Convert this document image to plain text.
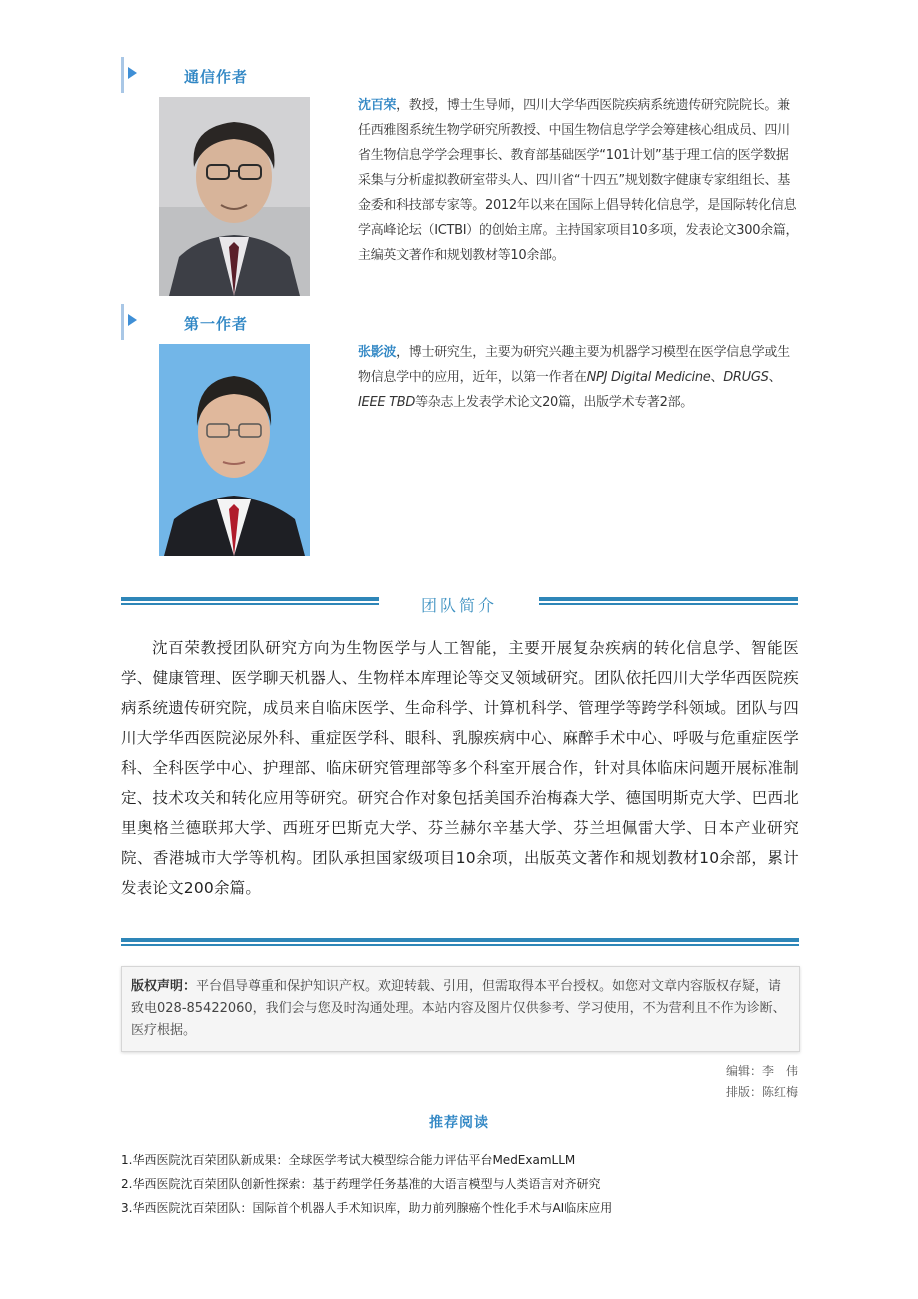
通信作者
沈百荣，教授，博士生导师，四川大学华西医院疾病系统遗传研究院院长。兼任西雅图系统生物学研究所教授、中国生物信息学学会筹建核心组成员、四川省生物信息学学会理事长、教育部基础医学“101计划”基于理工信的医学数据采集与分析虚拟教研室带头人、四川省“十四五”规划数字健康专家组组长、基金委和科技部专家等。2012年以来在国际上倡导转化信息学，是国际转化信息学高峰论坛（ICTBI）的创始主席。主持国家项目10多项，发表论文300余篇，主编英文著作和规划教材等10余部。
第一作者
张影波，博士研究生，主要为研究兴趣主要为机器学习模型在医学信息学或生物信息学中的应用，近年，以第一作者在NPJ Digital Medicine、DRUGS、IEEE TBD等杂志上发表学术论文20篇，出版学术专著2部。
团队简介
沈百荣教授团队研究方向为生物医学与人工智能，主要开展复杂疾病的转化信息学、智能医学、健康管理、医学聊天机器人、生物样本库理论等交叉领域研究。团队依托四川大学华西医院疾病系统遗传研究院，成员来自临床医学、生命科学、计算机科学、管理学等跨学科领域。团队与四川大学华西医院泌尿外科、重症医学科、眼科、乳腺疾病中心、麻醉手术中心、呼吸与危重症医学科、全科医学中心、护理部、临床研究管理部等多个科室开展合作，针对具体临床问题开展标准制定、技术攻关和转化应用等研究。研究合作对象包括美国乔治梅森大学、德国明斯克大学、巴西北里奥格兰德联邦大学、西班牙巴斯克大学、芬兰赫尔辛基大学、芬兰坦佩雷大学、日本产业研究院、香港城市大学等机构。团队承担国家级项目10余项，出版英文著作和规划教材10余部，累计发表论文200余篇。
版权声明：平台倡导尊重和保护知识产权。欢迎转载、引用，但需取得本平台授权。如您对文章内容版权存疑，请致电028-85422060，我们会与您及时沟通处理。本站内容及图片仅供参考、学习使用，不为营利且不作为诊断、医疗根据。
编辑：李　伟
排版：陈红梅
推荐阅读
1.华西医院沈百荣团队新成果：全球医学考试大模型综合能力评估平台MedExamLLM
2.华西医院沈百荣团队创新性探索：基于药理学任务基准的大语言模型与人类语言对齐研究
3.华西医院沈百荣团队：国际首个机器人手术知识库，助力前列腺癌个性化手术与AI临床应用
